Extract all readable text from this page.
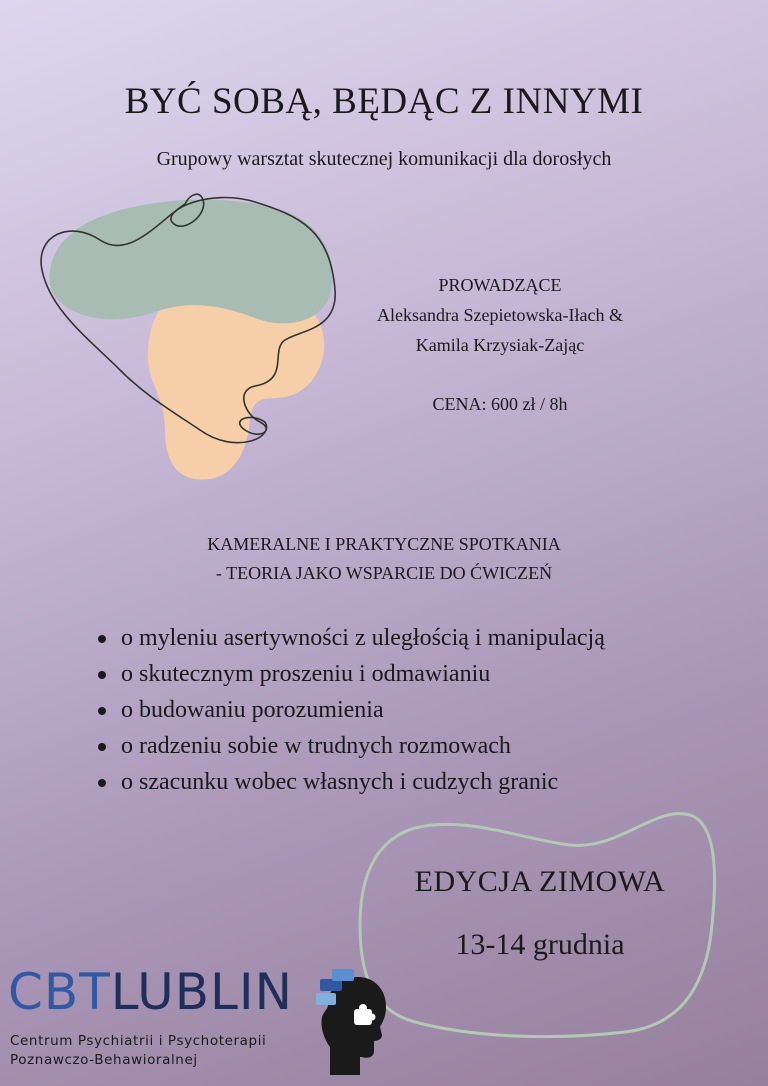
BYĆ SOBĄ, BĘDĄC Z INNYMI

Grupowy warsztat skutecznej komunikacji dla dorosłych

PROWADZĄCE
Aleksandra Szepietowska-Iłach &
Kamila Krzysiak-Zając
CENA: 600 zł / 8h
KAMERALNE I PRAKTYCZNE SPOTKANIA
- TEORIA JAKO WSPARCIE DO ĆWICZEŃ
o myleniu asertywności z uległością i manipulacją
o skutecznym proszeniu i odmawianiu
o budowaniu porozumienia
o radzeniu sobie w trudnych rozmowach
o szacunku wobec własnych i cudzych granic
EDYCJA ZIMOWA
13-14 grudnia
CBTLUBLIN
Centrum Psychiatrii i Psychoterapii
Poznawczo-Behawioralnej
